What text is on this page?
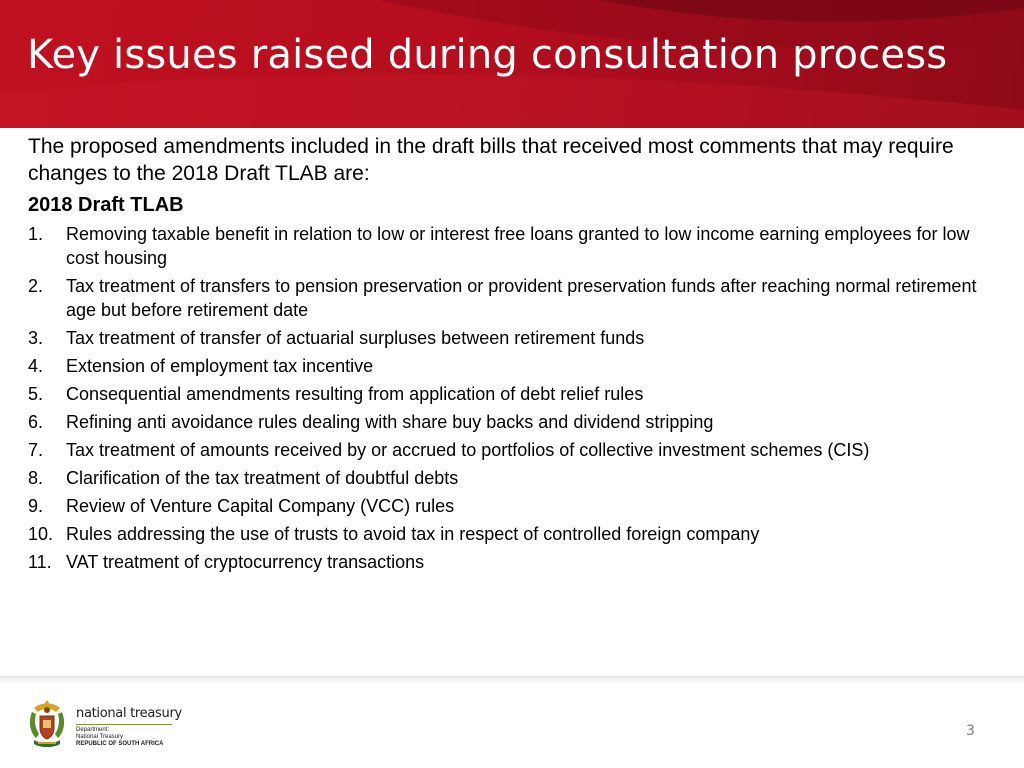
Key issues raised during consultation process

The proposed amendments included in the draft bills that received most comments that may require changes to the 2018 Draft TLAB are:

2018 Draft TLAB
1. Removing taxable benefit in relation to low or interest free loans granted to low income earning employees for low cost housing
2. Tax treatment of transfers to pension preservation or provident preservation funds after reaching normal retirement age but before retirement date
3. Tax treatment of transfer of actuarial surpluses between retirement funds
4. Extension of employment tax incentive
5. Consequential amendments resulting from application of debt relief rules
6. Refining anti avoidance rules dealing with share buy backs and dividend stripping
7. Tax treatment of amounts received by or accrued to portfolios of collective investment schemes (CIS)
8. Clarification of the tax treatment of doubtful debts
9. Review of Venture Capital Company (VCC) rules
10. Rules addressing the use of trusts to avoid tax in respect of controlled foreign company
11. VAT treatment of cryptocurrency transactions
national treasury
Department:
National Treasury
REPUBLIC OF SOUTH AFRICA
3
